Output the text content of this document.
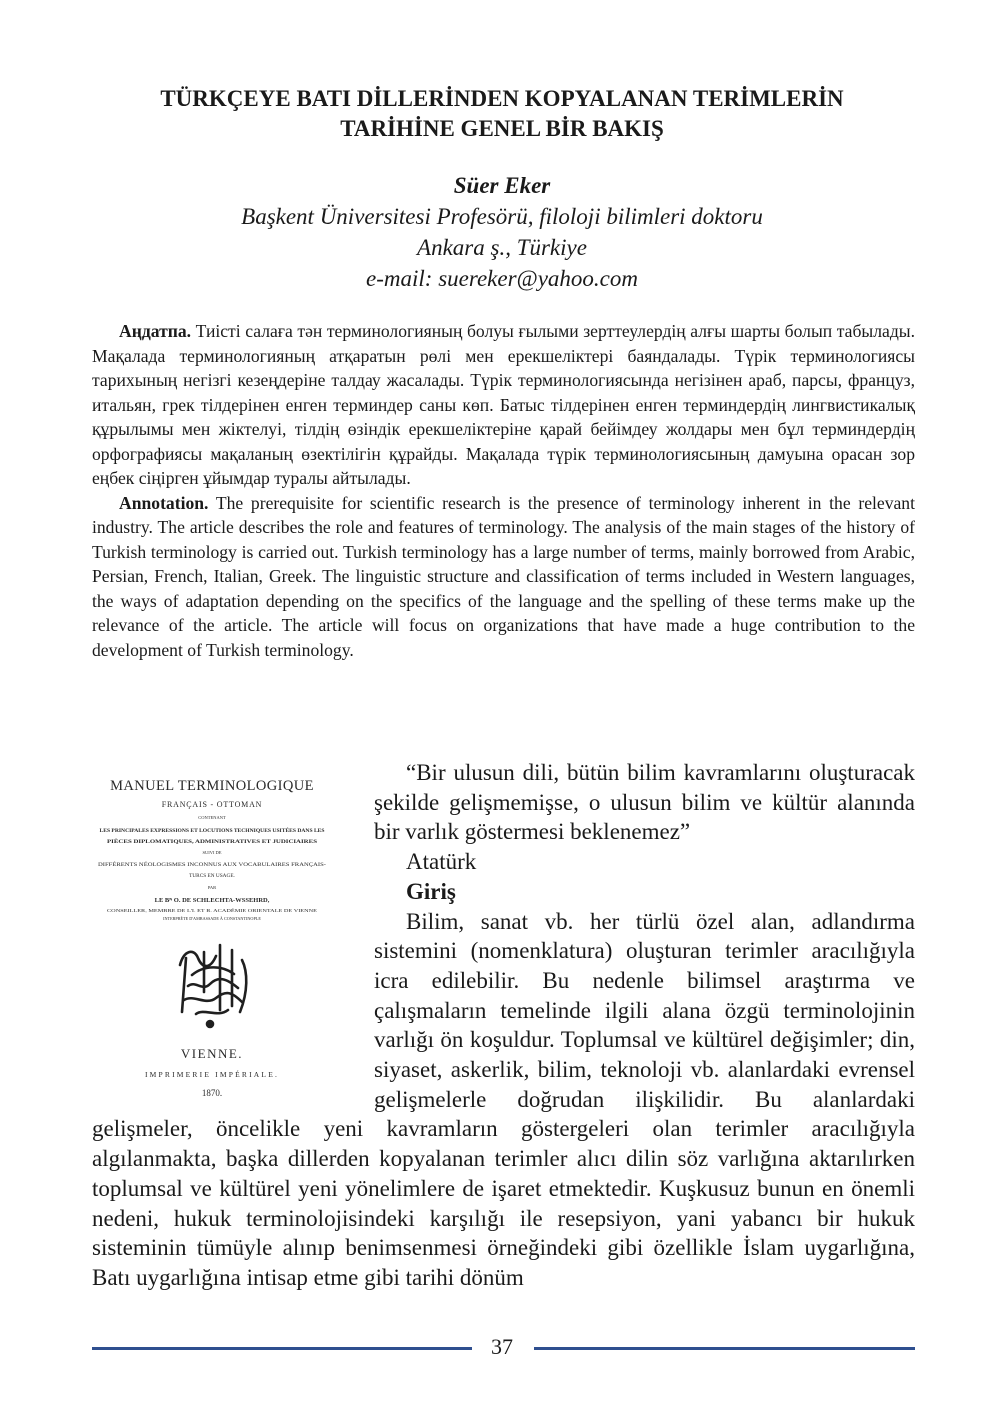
TÜRKÇEYE BATI DİLLERİNDEN KOPYALANAN TERİMLERİN
TARİHİNE GENEL BİR BAKIŞ
Süer Eker
Başkent Üniversitesi Profesörü, filoloji bilimleri doktoru
Ankara ş., Türkiye
e-mail: suereker@yahoo.com

Аңдатпа. Тиісті салаға тән терминологияның болуы ғылыми зерттеулердің алғы шарты болып табылады. Мақалада терминологияның атқаратын рөлі мен ерекшеліктері баяндалады. Түрік терминологиясы тарихының негізгі кезеңдеріне талдау жасалады. Түрік терминологиясында негізінен араб, парсы, француз, итальян, грек тілдерінен енген терминдер саны көп. Батыс тілдерінен енген терминдердің лингвистикалық құрылымы мен жіктелуі, тілдің өзіндік ерекшеліктеріне қарай бейімдеу жолдары мен бұл терминдердің орфографиясы мақаланың өзектілігін құрайды. Мақалада түрік терминологиясының дамуына орасан зор еңбек сіңірген ұйымдар туралы айтылады.

Annotation. The prerequisite for scientific research is the presence of terminology inherent in the relevant industry. The article describes the role and features of terminology. The analysis of the main stages of the history of Turkish terminology is carried out. Turkish terminology has a large number of terms, mainly borrowed from Arabic, Persian, French, Italian, Greek. The linguistic structure and classification of terms included in Western languages, the ways of adaptation depending on the specifics of the language and the spelling of these terms make up the relevance of the article. The article will focus on organizations that have made a huge contribution to the development of Turkish terminology.

MANUEL TERMINOLOGIQUE
FRANÇAIS - OTTOMAN
CONTENANT
LES PRINCIPALES EXPRESSIONS ET LOCUTIONS TECHNIQUES USITÉES DANS LES
PIÈCES DIPLOMATIQUES, ADMINISTRATIVES ET JUDICIAIRES
SUIVI DE
DIFFÉRENTS NÉOLOGISMES INCONNUS AUX VOCABULAIRES FRANÇAIS-
TURCS EN USAGE.
PAR
LE Bᴺ O. DE SCHLECHTA-WSSEHRD,
CONSEILLER, MEMBRE DE L'I. ET R. ACADÉMIE ORIENTALE DE VIENNE
INTERPRÈTE D'AMBASSADE À CONSTANTINOPLE
VIENNE.
IMPRIMERIE IMPÉRIALE.
1870.

“Bir ulusun dili, bütün bilim kavramlarını oluşturacak şekilde gelişmemişse, o ulusun bilim ve kültür alanında bir varlık göstermesi beklenemez”

Atatürk

Giriş

Bilim, sanat vb. her türlü özel alan, adlandırma sistemini (nomenklatura) oluşturan terimler aracılığıyla icra edilebilir. Bu nedenle bilimsel araştırma ve çalışmaların temelinde ilgili alana özgü terminolojinin varlığı ön koşuldur. Toplumsal ve kültürel değişimler; din, siyaset, askerlik, bilim, teknoloji vb. alanlardaki evrensel gelişmelerle doğrudan ilişkilidir. Bu alanlardaki gelişmeler, öncelikle yeni kavramların göstergeleri olan terimler aracılığıyla algılanmakta, başka dillerden kopyalanan terimler alıcı dilin söz varlığına aktarılırken toplumsal ve kültürel yeni yönelimlere de işaret etmektedir. Kuşkusuz bunun en önemli nedeni, hukuk terminolojisindeki karşılığı ile resepsiyon, yani yabancı bir hukuk sisteminin tümüyle alınıp benimsenmesi örneğindeki gibi özellikle İslam uygarlığına, Batı uygarlığına intisap etme gibi tarihi dönüm

37
